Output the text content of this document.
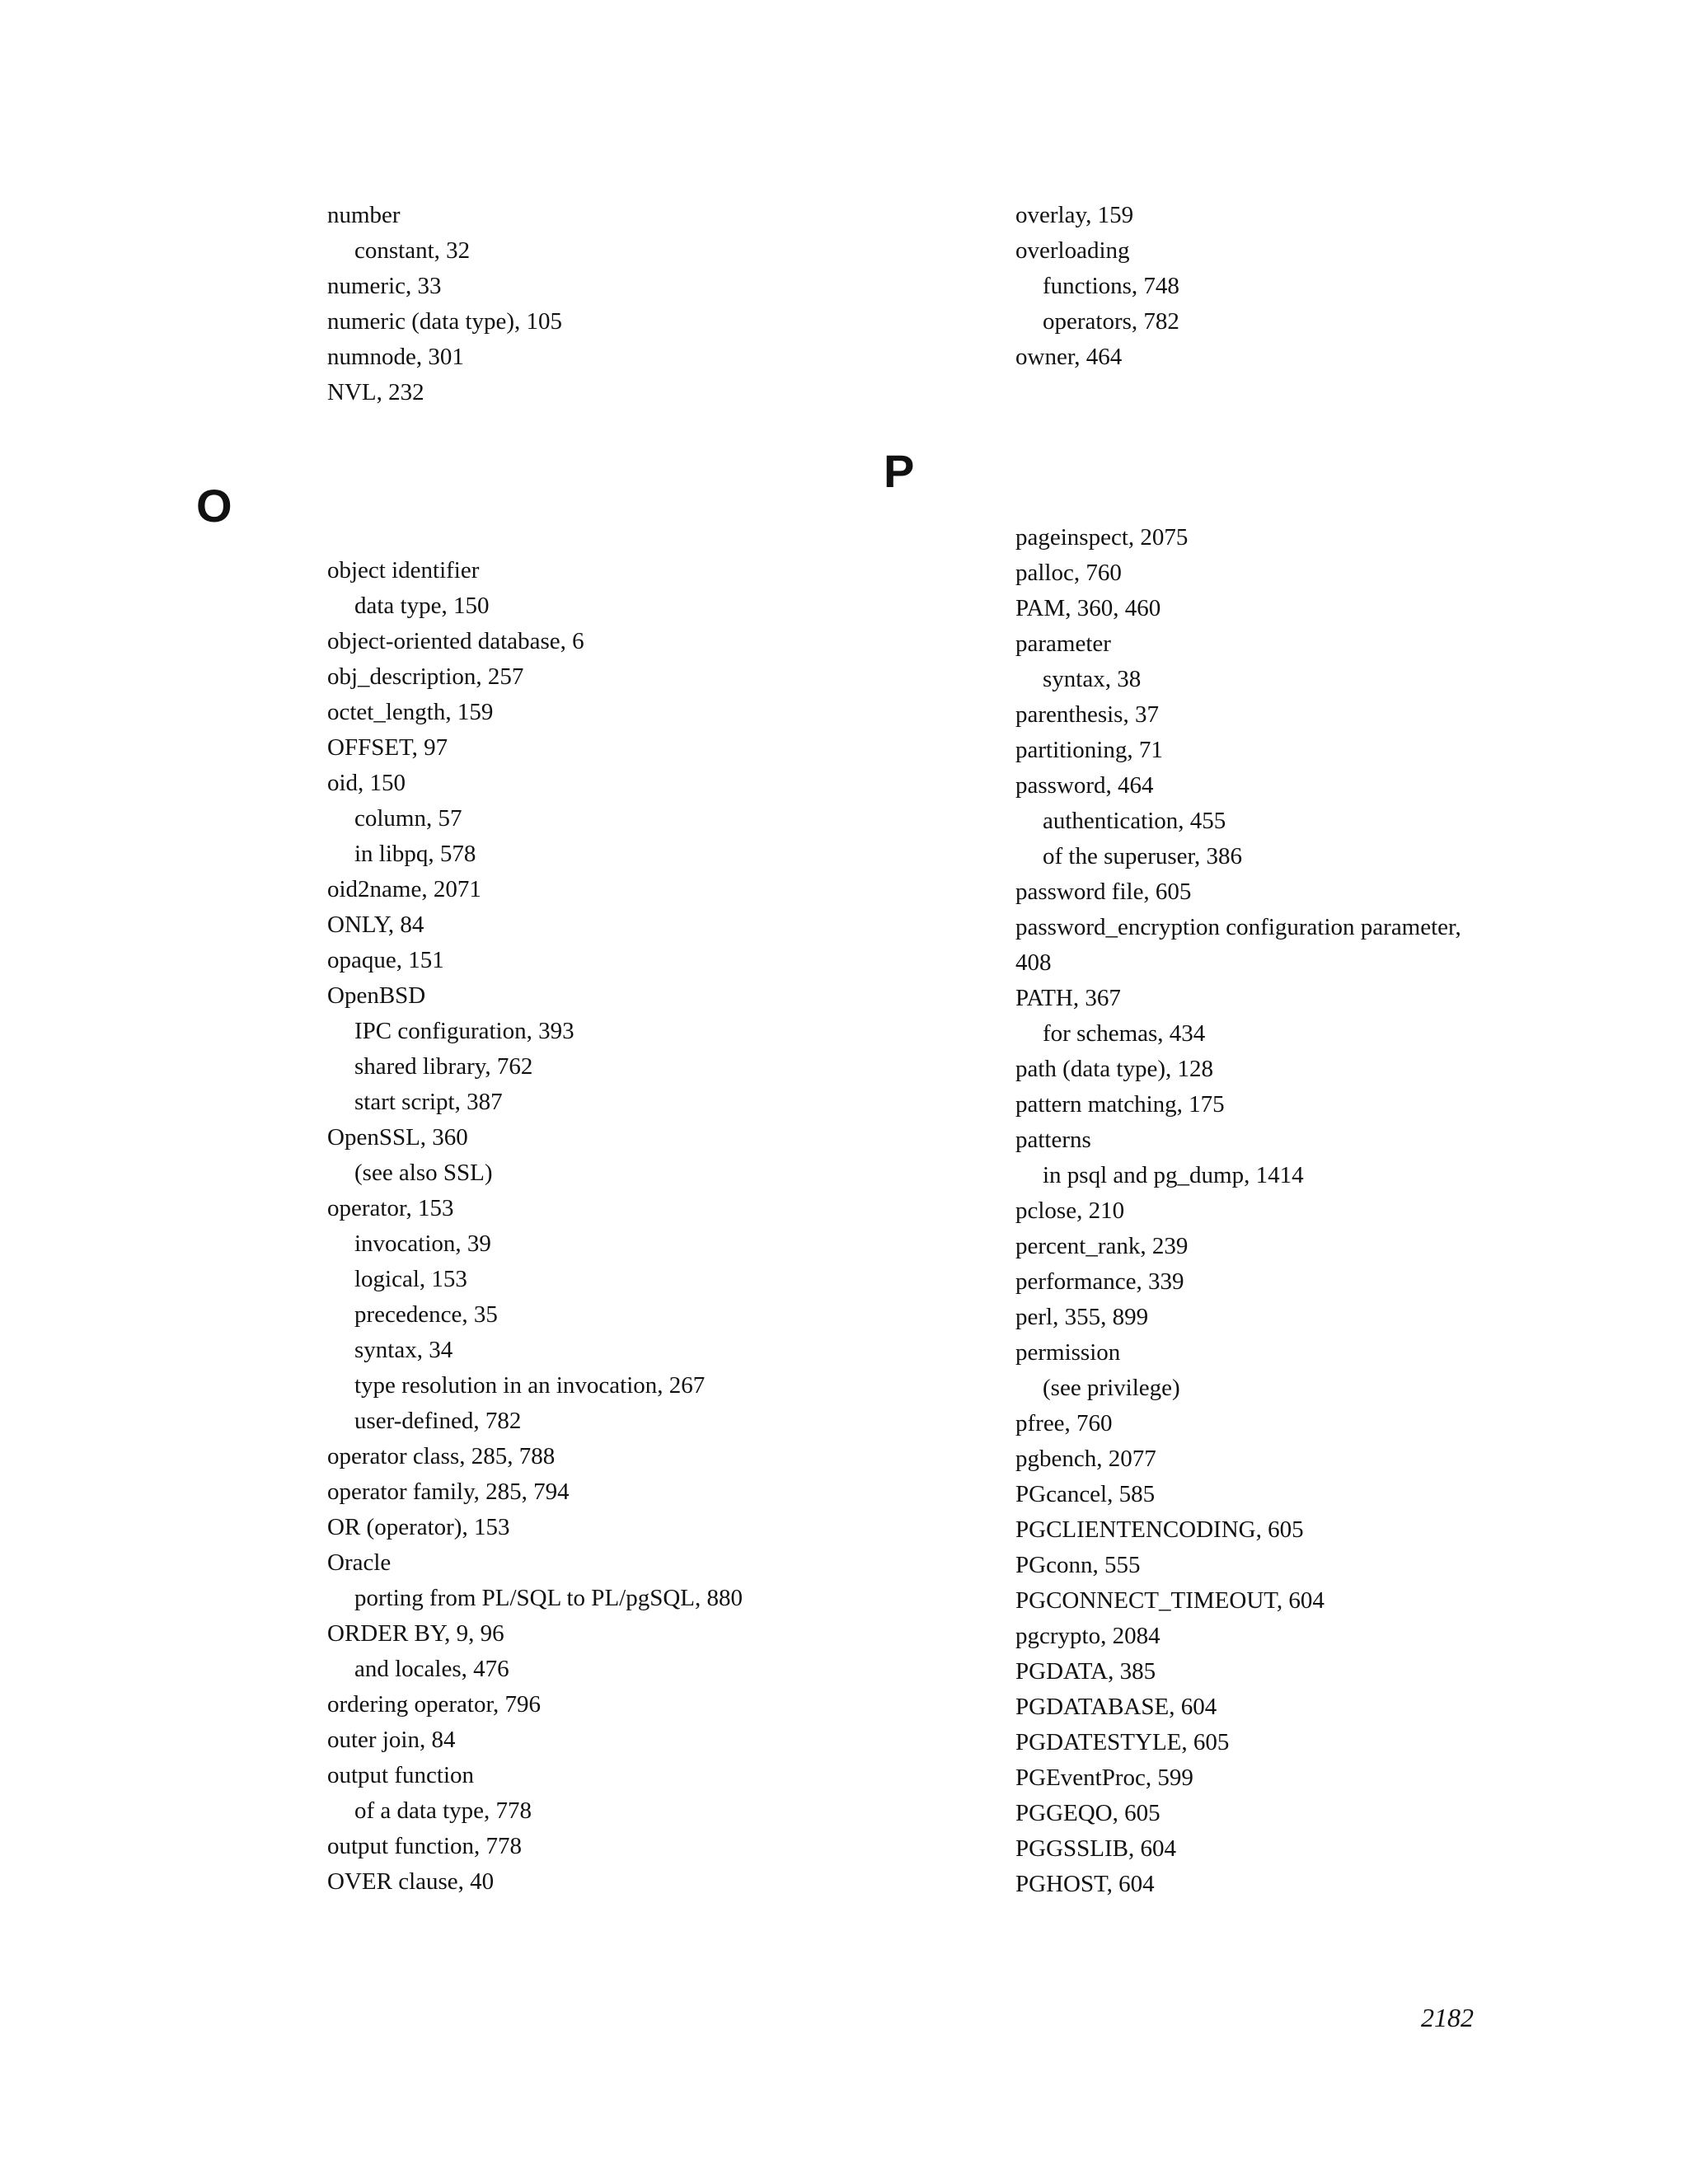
number
constant, 32
numeric, 33
numeric (data type), 105
numnode, 301
NVL, 232
O
object identifier
data type, 150
object-oriented database, 6
obj_description, 257
octet_length, 159
OFFSET, 97
oid, 150
column, 57
in libpq, 578
oid2name, 2071
ONLY, 84
opaque, 151
OpenBSD
IPC configuration, 393
shared library, 762
start script, 387
OpenSSL, 360
(see also SSL)
operator, 153
invocation, 39
logical, 153
precedence, 35
syntax, 34
type resolution in an invocation, 267
user-defined, 782
operator class, 285, 788
operator family, 285, 794
OR (operator), 153
Oracle
porting from PL/SQL to PL/pgSQL, 880
ORDER BY, 9, 96
and locales, 476
ordering operator, 796
outer join, 84
output function
of a data type, 778
output function, 778
OVER clause, 40
overlay, 159
overloading
functions, 748
operators, 782
owner, 464
P
pageinspect, 2075
palloc, 760
PAM, 360, 460
parameter
syntax, 38
parenthesis, 37
partitioning, 71
password, 464
authentication, 455
of the superuser, 386
password file, 605
password_encryption configuration parameter,
408
PATH, 367
for schemas, 434
path (data type), 128
pattern matching, 175
patterns
in psql and pg_dump, 1414
pclose, 210
percent_rank, 239
performance, 339
perl, 355, 899
permission
(see privilege)
pfree, 760
pgbench, 2077
PGcancel, 585
PGCLIENTENCODING, 605
PGconn, 555
PGCONNECT_TIMEOUT, 604
pgcrypto, 2084
PGDATA, 385
PGDATABASE, 604
PGDATESTYLE, 605
PGEventProc, 599
PGGEQO, 605
PGGSSLIB, 604
PGHOST, 604
2182
